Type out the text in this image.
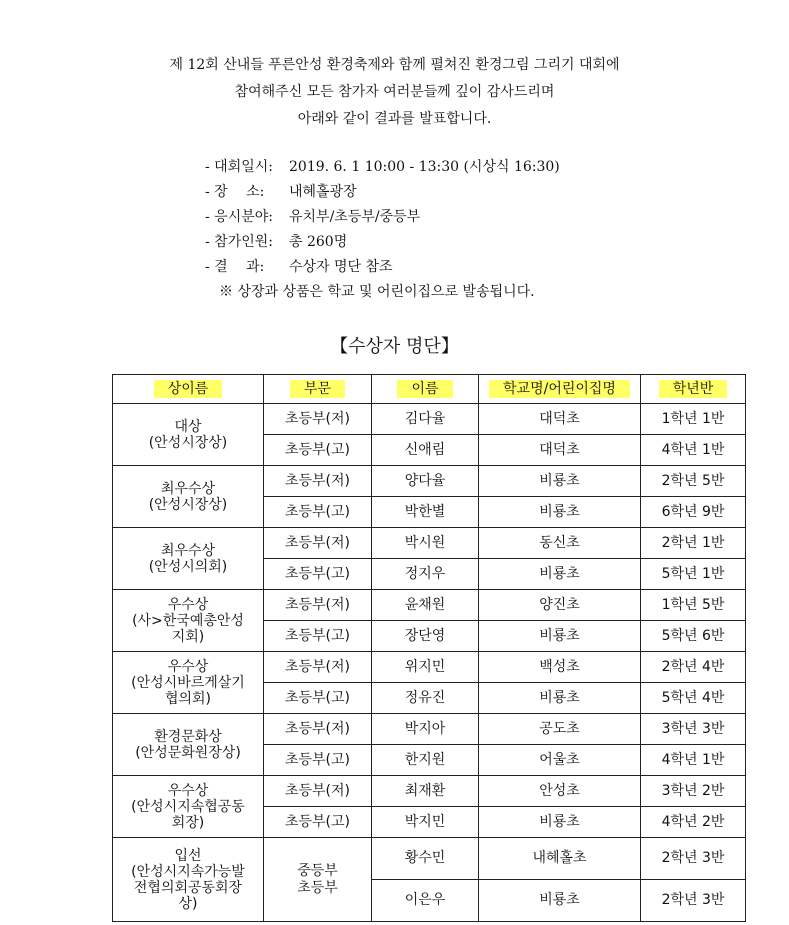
제 12회 산내들 푸른안성 환경축제와 함께 펼쳐진 환경그림 그리기 대회에
참여해주신 모든 참가자 여러분들께 깊이 감사드리며
아래와 같이 결과를 발표합니다.
- 대회일시: 2019. 6. 1 10:00 - 13:30 (시상식 16:30)
- 장　 소: 내혜홀광장
- 응시분야: 유치부/초등부/중등부
- 참가인원: 총 260명
- 결　 과: 수상자 명단 참조
※ 상장과 상품은 학교 및 어린이집으로 발송됩니다.
【수상자 명단】
상이름	부문	이름	학교명/어린이집명	학년반
대상
(안성시장상)	초등부(저)	김다율	대덕초	1학년 1반
	초등부(고)	신애림	대덕초	4학년 1반
최우수상
(안성시장상)	초등부(저)	양다율	비룡초	2학년 5반
	초등부(고)	박한별	비룡초	6학년 9반
최우수상
(안성시의회)	초등부(저)	박시원	동신초	2학년 1반
	초등부(고)	정지우	비룡초	5학년 1반
우수상
(사>한국예총안성
지회)	초등부(저)	윤채원	양진초	1학년 5반
	초등부(고)	장단영	비룡초	5학년 6반
우수상
(안성시바르게살기
협의회)	초등부(저)	위지민	백성초	2학년 4반
	초등부(고)	정유진	비룡초	5학년 4반
환경문화상
(안성문화원장상)	초등부(저)	박지아	공도초	3학년 3반
	초등부(고)	한지원	어울초	4학년 1반
우수상
(안성시지속협공동
회장)	초등부(저)	최재환	안성초	3학년 2반
	초등부(고)	박지민	비룡초	4학년 2반
입선
(안성시지속가능발
전협의회공동회장
상)	중등부
초등부	황수민	내혜홀초	2학년 3반
		이은우	비룡초	2학년 3반
